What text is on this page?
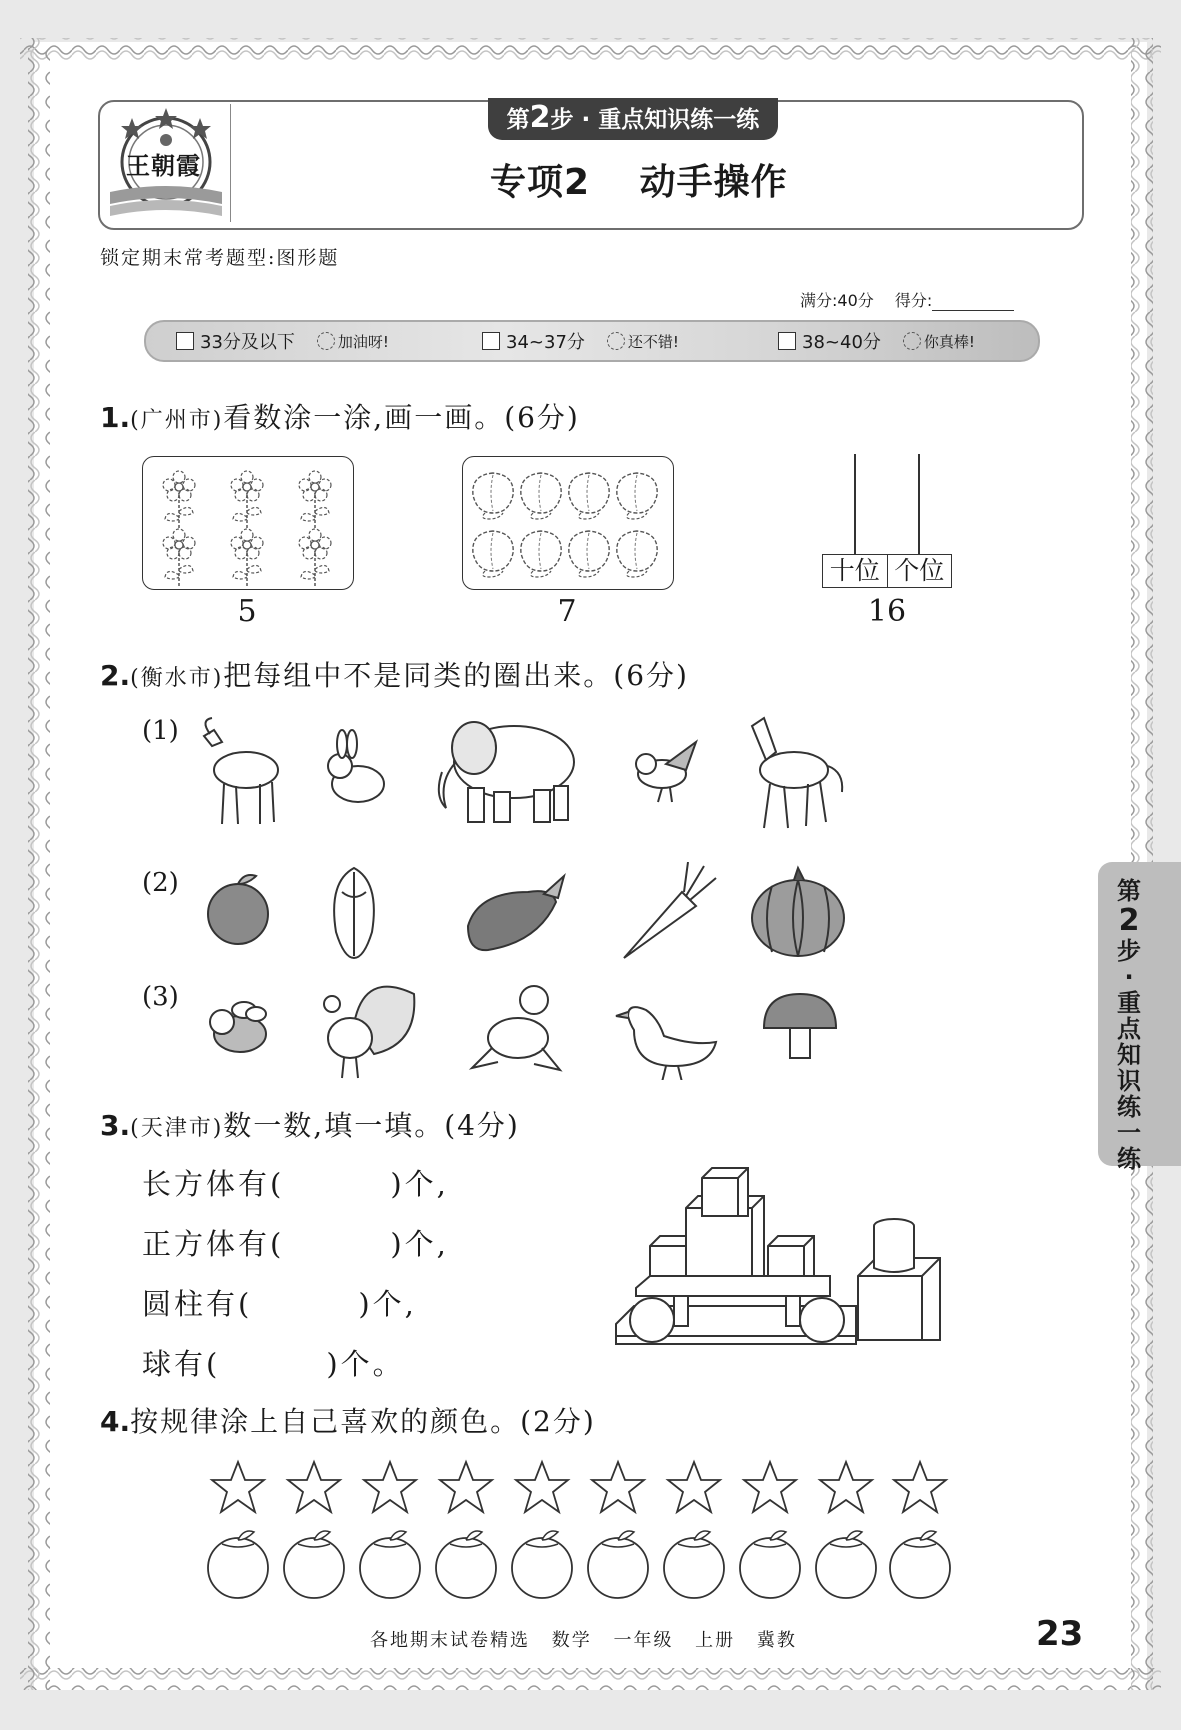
王朝霞
第2步 · 重点知识练一练
专项2 动手操作
锁定期末常考题型:图形题
满分:40分 得分:
33分及以下	加油呀!	34~37分	还不错!	38~40分	你真棒!
1.(广州市)看数涂一涂,画一画。(6分)
5	7
十位 个位
16
2.(衡水市)把每组中不是同类的圈出来。(6分)
(1)
(2)
(3)
3.(天津市)数一数,填一填。(4分)
长方体有(	)个,
正方体有(	)个,
圆柱有(	)个,
球有(	)个。
4.按规律涂上自己喜欢的颜色。(2分)
各地期末试卷精选 数学 一年级 上册 冀教	23
第2步·重点知识练一练
